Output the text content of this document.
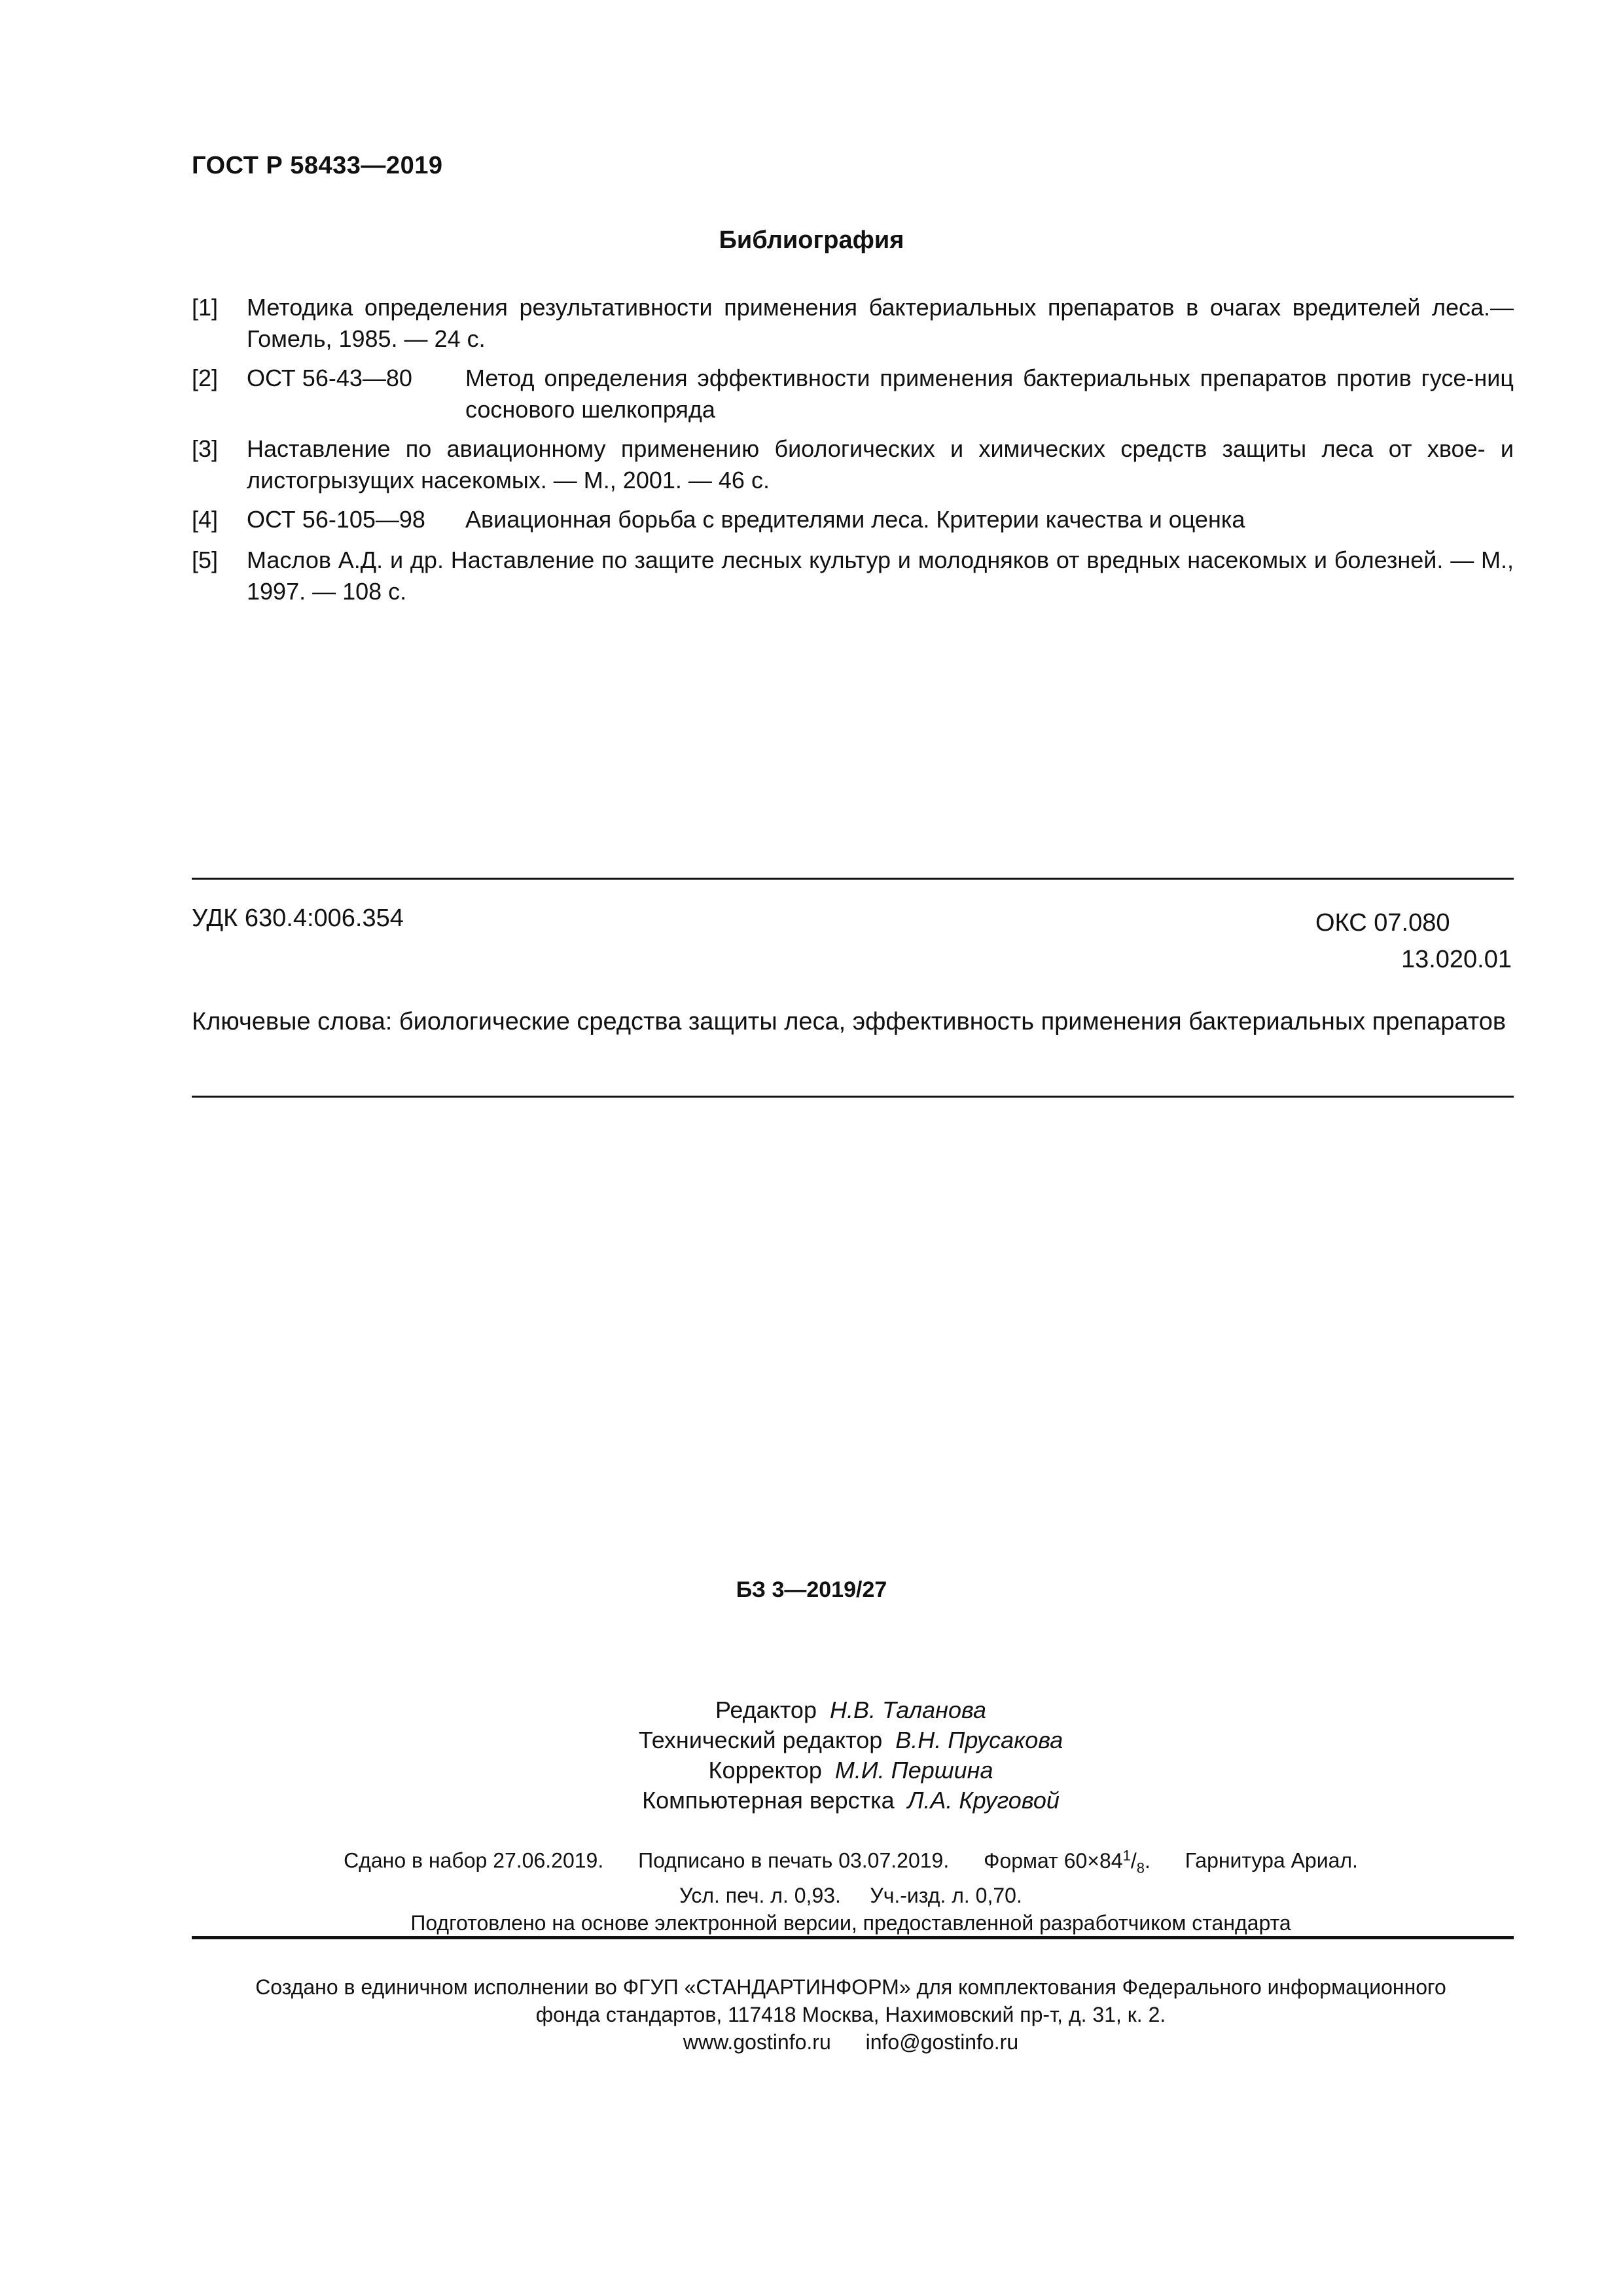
ГОСТ Р 58433—2019
Библиография
[1] Методика определения результативности применения бактериальных препаратов в очагах вредителей леса.— Гомель, 1985. — 24 с.
[2] ОСТ 56-43—80 Метод определения эффективности применения бактериальных препаратов против гусе-ниц соснового шелкопряда
[3] Наставление по авиационному применению биологических и химических средств защиты леса от хвое- и листогрызущих насекомых. — М., 2001. — 46 с.
[4] ОСТ 56-105—98 Авиационная борьба с вредителями леса. Критерии качества и оценка
[5] Маслов А.Д. и др. Наставление по защите лесных культур и молодняков от вредных насекомых и болезней. — М., 1997. — 108 с.
УДК 630.4:006.354	ОКС 07.080
13.020.01
Ключевые слова: биологические средства защиты леса, эффективность применения бактериальных препаратов
БЗ 3—2019/27
Редактор Н.В. Таланова
Технический редактор В.Н. Прусакова
Корректор М.И. Першина
Компьютерная верстка Л.А. Круговой
Сдано в набор 27.06.2019. Подписано в печать 03.07.2019. Формат $60\times 84^1/_8$. Гарнитура Ариал.
Усл. печ. л. 0,93. Уч.-изд. л. 0,70.
Подготовлено на основе электронной версии, предоставленной разработчиком стандарта
Создано в единичном исполнении во ФГУП «СТАНДАРТИНФОРМ» для комплектования Федерального информационного
фонда стандартов, 117418 Москва, Нахимовский пр-т, д. 31, к. 2.
www.gostinfo.ru info@gostinfo.ru
